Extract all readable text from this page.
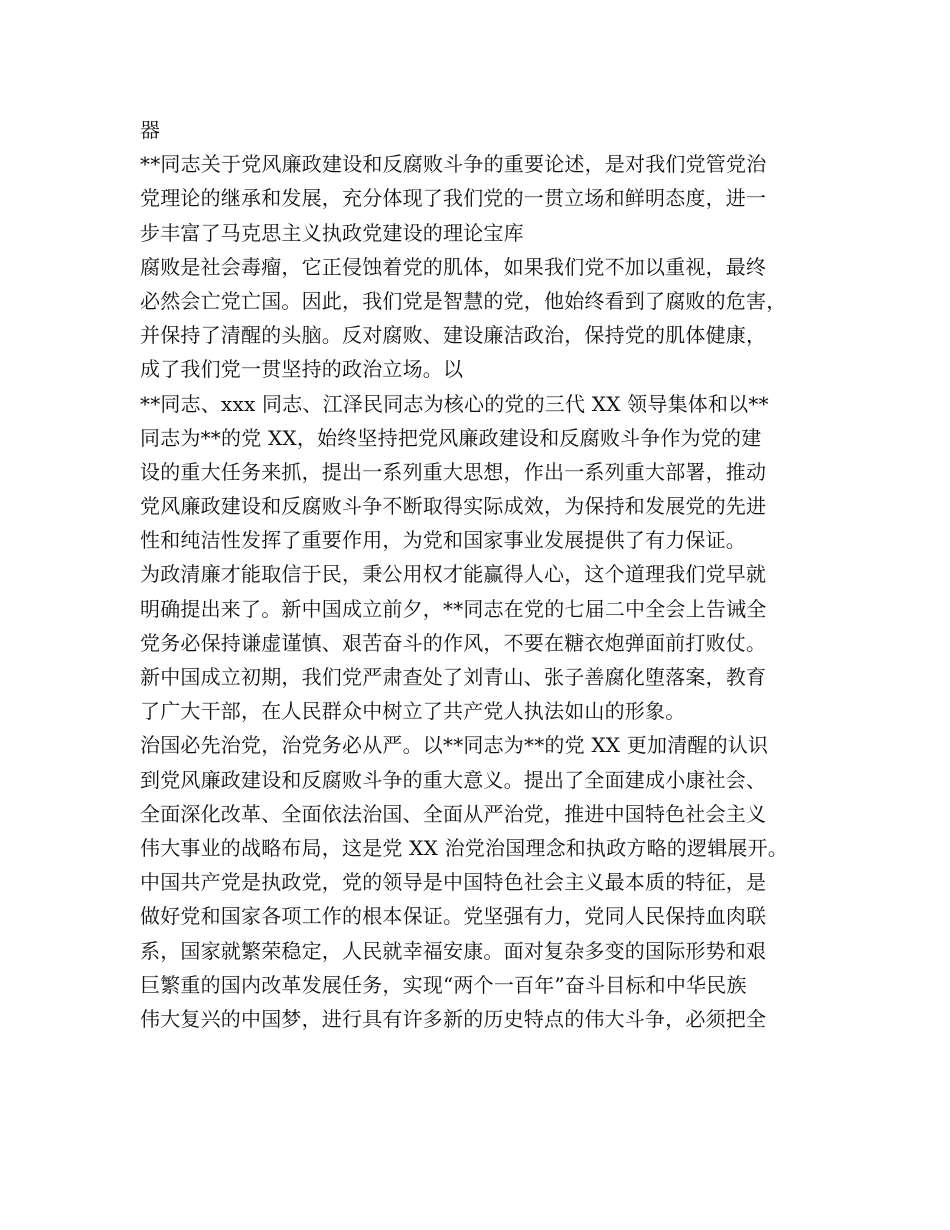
器
**同志关于党风廉政建设和反腐败斗争的重要论述，是对我们党管党治
党理论的继承和发展，充分体现了我们党的一贯立场和鲜明态度，进一
步丰富了马克思主义执政党建设的理论宝库
腐败是社会毒瘤，它正侵蚀着党的肌体，如果我们党不加以重视，最终
必然会亡党亡国。因此，我们党是智慧的党，他始终看到了腐败的危害，
并保持了清醒的头脑。反对腐败、建设廉洁政治，保持党的肌体健康，
成了我们党一贯坚持的政治立场。以
**同志、xxx 同志、江泽民同志为核心的党的三代 XX 领导集体和以**
同志为**的党 XX，始终坚持把党风廉政建设和反腐败斗争作为党的建
设的重大任务来抓，提出一系列重大思想，作出一系列重大部署，推动
党风廉政建设和反腐败斗争不断取得实际成效，为保持和发展党的先进
性和纯洁性发挥了重要作用，为党和国家事业发展提供了有力保证。
为政清廉才能取信于民，秉公用权才能赢得人心，这个道理我们党早就
明确提出来了。新中国成立前夕，**同志在党的七届二中全会上告诫全
党务必保持谦虚谨慎、艰苦奋斗的作风，不要在糖衣炮弹面前打败仗。
新中国成立初期，我们党严肃查处了刘青山、张子善腐化堕落案，教育
了广大干部，在人民群众中树立了共产党人执法如山的形象。
治国必先治党，治党务必从严。以**同志为**的党 XX 更加清醒的认识
到党风廉政建设和反腐败斗争的重大意义。提出了全面建成小康社会、
全面深化改革、全面依法治国、全面从严治党，推进中国特色社会主义
伟大事业的战略布局，这是党 XX 治党治国理念和执政方略的逻辑展开。
中国共产党是执政党，党的领导是中国特色社会主义最本质的特征，是
做好党和国家各项工作的根本保证。党坚强有力，党同人民保持血肉联
系，国家就繁荣稳定，人民就幸福安康。面对复杂多变的国际形势和艰
巨繁重的国内改革发展任务，实现“两个一百年”奋斗目标和中华民族
伟大复兴的中国梦，进行具有许多新的历史特点的伟大斗争，必须把全
